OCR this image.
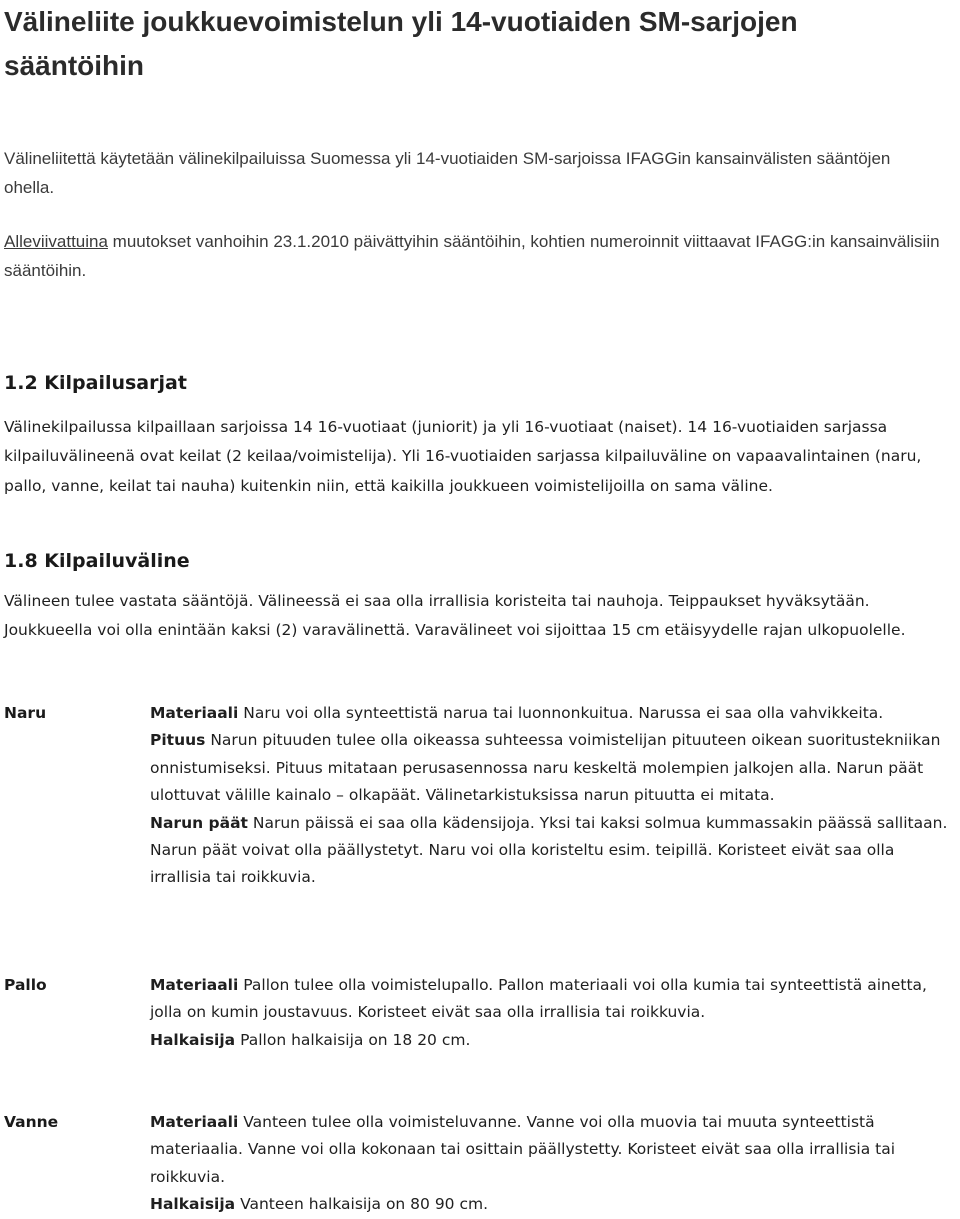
Välineliite joukkuevoimistelun yli 14-vuotiaiden SM-sarjojen sääntöihin

Välineliitettä käytetään välinekilpailuissa Suomessa yli 14-vuotiaiden SM-sarjoissa IFAGGin kansainvälisten sääntöjen ohella.

Alleviivattuina muutokset vanhoihin 23.1.2010 päivättyihin sääntöihin, kohtien numeroinnit viittaavat IFAGG:in kansainvälisiin sääntöihin.

1.2 Kilpailusarjat

Välinekilpailussa kilpaillaan sarjoissa 14 16-vuotiaat (juniorit) ja yli 16-vuotiaat (naiset). 14 16-vuotiaiden sarjassa kilpailuvälineenä ovat keilat (2 keilaa/voimistelija). Yli 16-vuotiaiden sarjassa kilpailuväline on vapaavalintainen (naru, pallo, vanne, keilat tai nauha) kuitenkin niin, että kaikilla joukkueen voimistelijoilla on sama väline.

1.8 Kilpailuväline

Välineen tulee vastata sääntöjä. Välineessä ei saa olla irrallisia koristeita tai nauhoja. Teippaukset hyväksytään. Joukkueella voi olla enintään kaksi (2) varavälinettä. Varavälineet voi sijoittaa 15 cm etäisyydelle rajan ulkopuolelle.

Naru	Materiaali Naru voi olla synteettistä narua tai luonnonkuitua. Narussa ei saa olla vahvikkeita.

Pituus Narun pituuden tulee olla oikeassa suhteessa voimistelijan pituuteen oikean suoritustekniikan onnistumiseksi. Pituus mitataan perusasennossa naru keskeltä molempien jalkojen alla. Narun päät ulottuvat välille kainalo – olkapäät. Välinetarkistuksissa narun pituutta ei mitata.

Narun päät Narun päissä ei saa olla kädensijoja. Yksi tai kaksi solmua kummassakin päässä sallitaan. Narun päät voivat olla päällystetyt. Naru voi olla koristeltu esim. teipillä. Koristeet eivät saa olla irrallisia tai roikkuvia.

Pallo	Materiaali Pallon tulee olla voimistelupallo. Pallon materiaali voi olla kumia tai synteettistä ainetta, jolla on kumin joustavuus. Koristeet eivät saa olla irrallisia tai roikkuvia.

Halkaisija Pallon halkaisija on 18 20 cm.

Vanne	Materiaali Vanteen tulee olla voimisteluvanne. Vanne voi olla muovia tai muuta synteettistä materiaalia. Vanne voi olla kokonaan tai osittain päällystetty. Koristeet eivät saa olla irrallisia tai roikkuvia.

Halkaisija Vanteen halkaisija on 80 90 cm.
